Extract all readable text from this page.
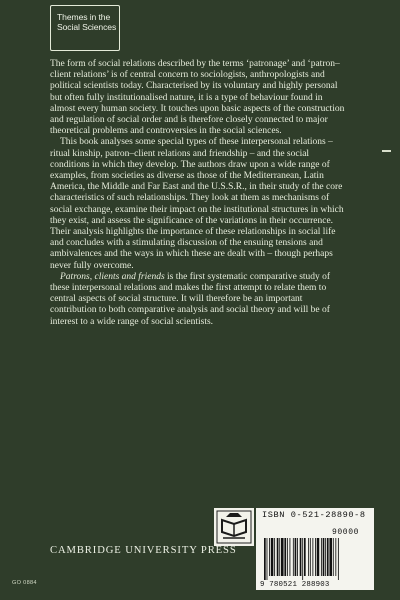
Themes in the
Social Sciences

The form of social relations described by the terms ‘patronage’ and ‘patron–client relations’ is of central concern to sociologists, anthropologists and political scientists today. Characterised by its voluntary and highly personal but often fully institutionalised nature, it is a type of behaviour found in almost every human society. It touches upon basic aspects of the construction and regulation of social order and is therefore closely connected to major theoretical problems and controversies in the social sciences.

This book analyses some special types of these interpersonal relations – ritual kinship, patron–client relations and friendship – and the social conditions in which they develop. The authors draw upon a wide range of examples, from societies as diverse as those of the Mediterranean, Latin America, the Middle and Far East and the U.S.S.R., in their study of the core characteristics of such relationships. They look at them as mechanisms of social exchange, examine their impact on the institutional structures in which they exist, and assess the significance of the variations in their occurrence. Their analysis highlights the importance of these relationships in social life and concludes with a stimulating discussion of the ensuing tensions and ambivalences and the ways in which these are dealt with – though perhaps never fully overcome.

Patrons, clients and friends is the first systematic comparative study of these interpersonal relations and makes the first attempt to relate them to central aspects of social structure. It will therefore be an important contribution to both comparative analysis and social theory and will be of interest to a wide range of social scientists.

ISBN 0-521-28890-8
90000
9 780521 288903
CAMBRIDGE UNIVERSITY PRESS
GO 0884
